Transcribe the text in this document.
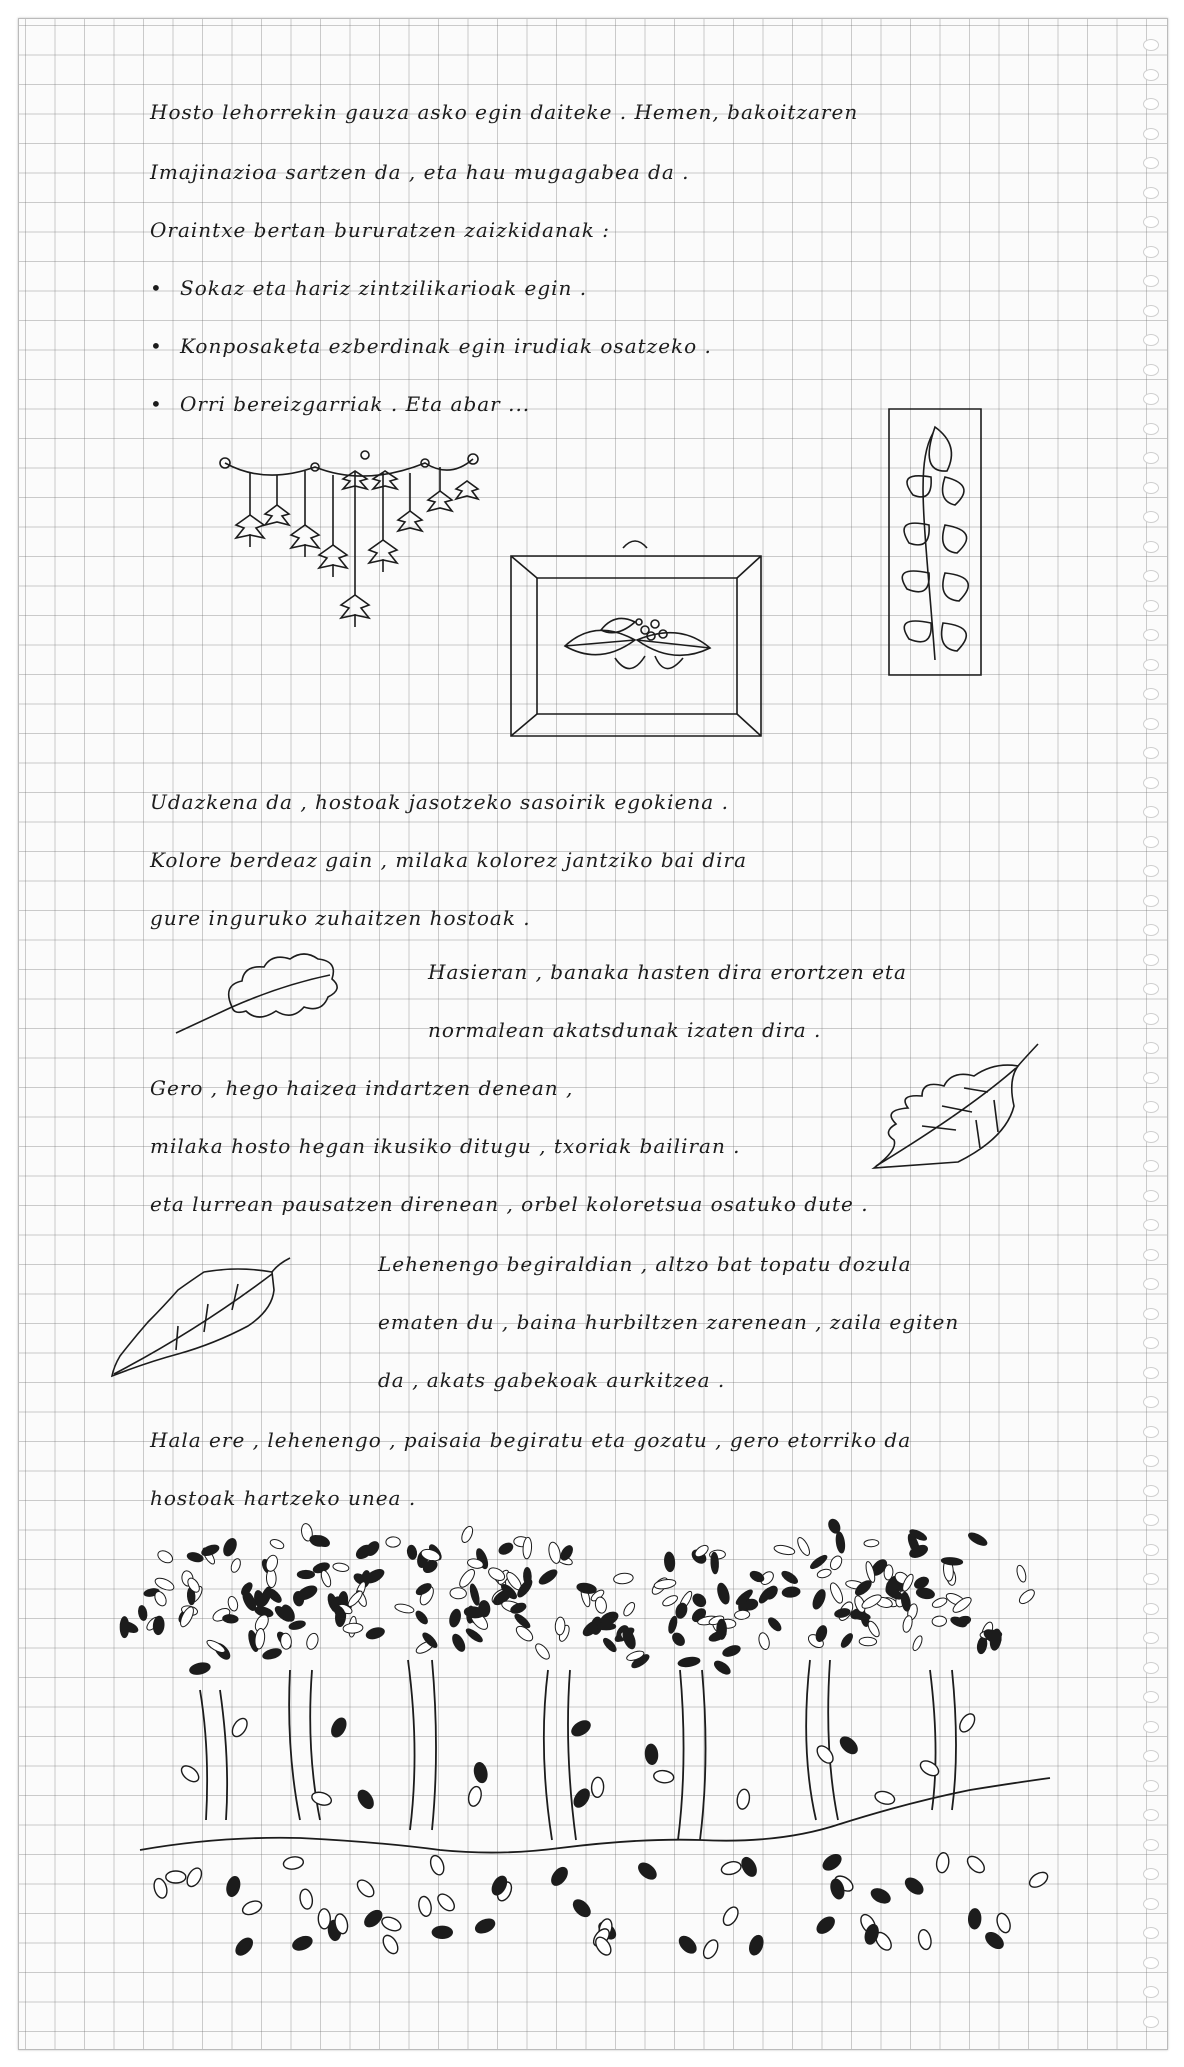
Hosto lehorrekin gauza asko egin daiteke . Hemen, bakoitzaren

Imajinazioa sartzen da , eta hau mugagabea da .

Oraintxe bertan bururatzen zaizkidanak :

• Sokaz eta hariz zintzilikarioak egin .

• Konposaketa ezberdinak egin irudiak osatzeko .

• Orri bereizgarriak . Eta abar ...

Udazkena da , hostoak jasotzeko sasoirik egokiena .

Kolore berdeaz gain , milaka kolorez jantziko bai dira

gure inguruko zuhaitzen hostoak .

Hasieran , banaka hasten dira erortzen eta

normalean akatsdunak izaten dira .

Gero , hego haizea indartzen denean ,

milaka hosto hegan ikusiko ditugu , txoriak bailiran .

eta lurrean pausatzen direnean , orbel koloretsua osatuko dute .

Lehenengo begiraldian , altzo bat topatu dozula

ematen du , baina hurbiltzen zarenean , zaila egiten

da , akats gabekoak aurkitzea .

Hala ere , lehenengo , paisaia begiratu eta gozatu , gero etorriko da

hostoak hartzeko unea .
